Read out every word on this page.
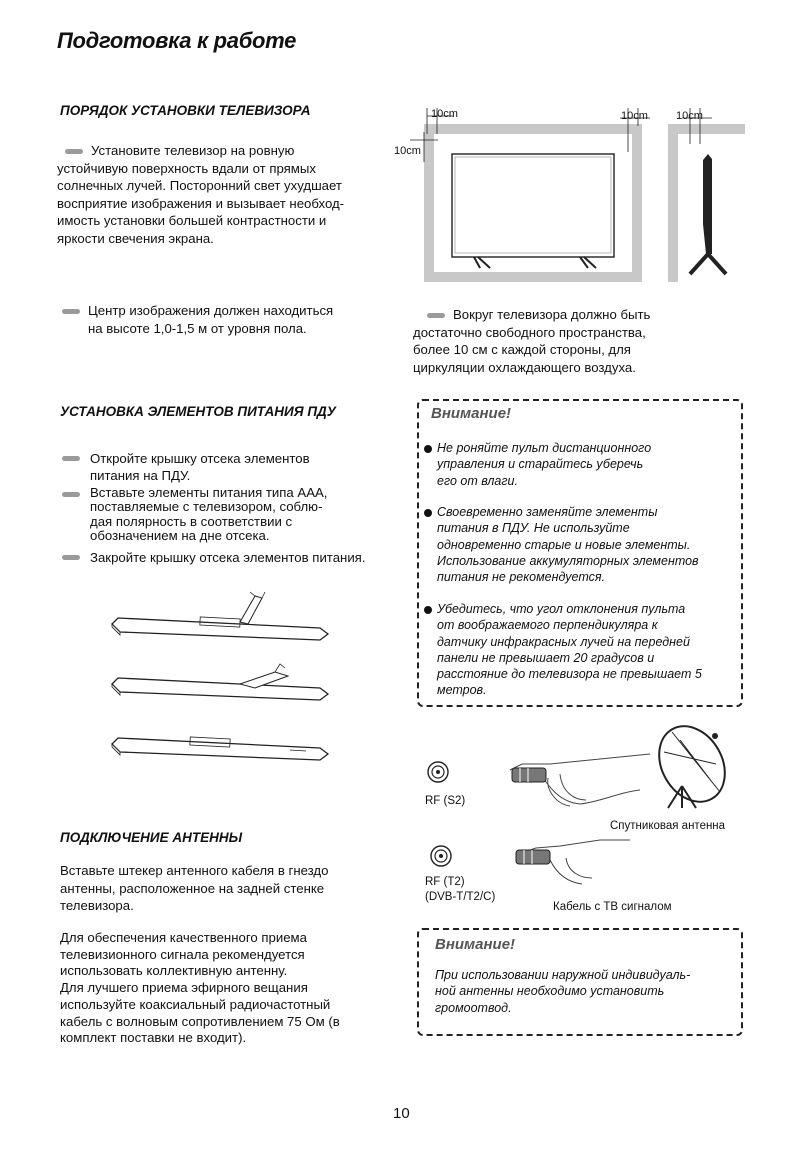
Подготовка к работе
ПОРЯДОК УСТАНОВКИ ТЕЛЕВИЗОРА
Установите телевизор на ровную
устойчивую поверхность вдали от прямых
солнечных лучей. Посторонний свет ухудшает
восприятие изображения и вызывает необход-
имость установки большей контрастности и
яркости свечения экрана.
10cm
10cm
10cm	10cm
Центр изображения должен находиться
на высоте 1,0-1,5 м от уровня пола.
Вокруг телевизора должно быть
достаточно свободного пространства,
более 10 см с каждой стороны, для
циркуляции охлаждающего воздуха.
УСТАНОВКА ЭЛЕМЕНТОВ ПИТАНИЯ ПДУ
Откройте крышку отсека элементов
питания на ПДУ.
Вставьте элементы питания типа ААА,
поставляемые с телевизором, соблю-
дая полярность в соответствии с
обозначением на дне отсека.
Закройте крышку отсека элементов питания.
Внимание!
Не роняйте пульт дистанционного
управления и старайтесь уберечь
его от влаги.
Своевременно заменяйте элементы
питания в ПДУ. Не используйте
одновременно старые и новые элементы.
Использование аккумуляторных элементов
питания не рекомендуется.
Убедитесь, что угол отклонения пульта
от воображаемого перпендикуляра к
датчику инфракрасных лучей на передней
панели не превышает 20 градусов и
расстояние до телевизора не превышает 5
метров.
RF (S2)
Спутниковая антенна
RF (T2)
(DVB-T/T2/C)
Кабель с ТВ сигналом
ПОДКЛЮЧЕНИЕ АНТЕННЫ
Вставьте штекер антенного кабеля в гнездо
антенны, расположенное на задней стенке
телевизора.
Для обеспечения качественного приема
телевизионного сигнала рекомендуется
использовать коллективную антенну.
Для лучшего приема эфирного вещания
используйте коаксиальный радиочастотный
кабель с волновым сопротивлением 75 Ом (в
комплект поставки не входит).
Внимание!
При использовании наружной индивидуаль-
ной антенны необходимо установить
громоотвод.
10
